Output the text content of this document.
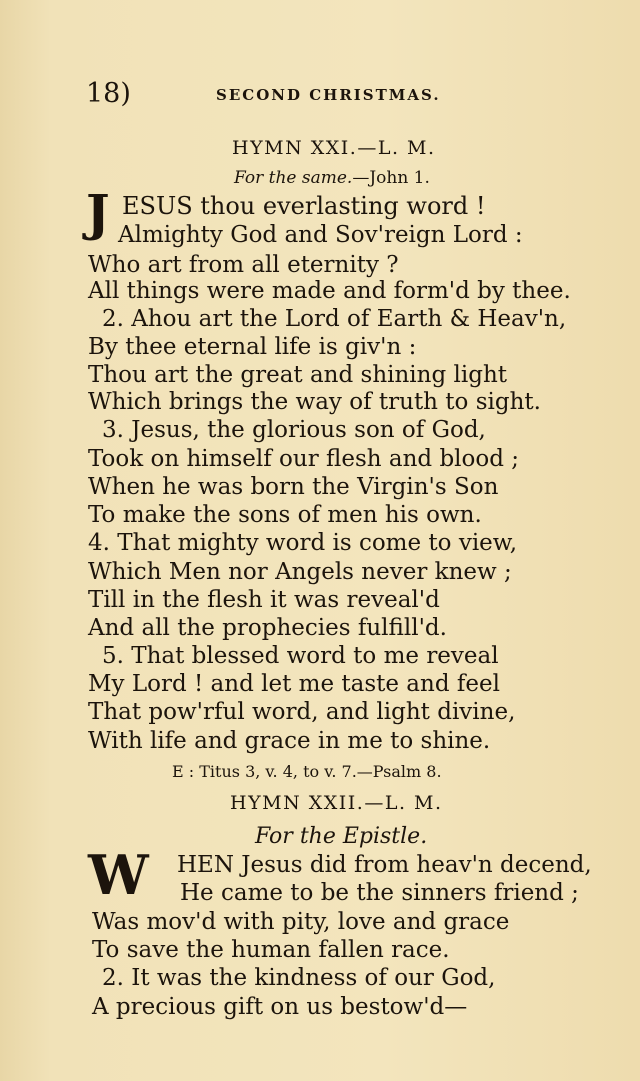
18)	SECOND CHRISTMAS.
HYMN XXI.—L. M.
For the same.—John 1.
J ESUS thou everlasting word !
Almighty God and Sov'reign Lord :
Who art from all eternity ?
All things were made and form'd by thee.
2. Ahou art the Lord of Earth & Heav'n,
By thee eternal life is giv'n :
Thou art the great and shining light
Which brings the way of truth to sight.
3. Jesus, the glorious son of God,
Took on himself our flesh and blood ;
When he was born the Virgin's Son
To make the sons of men his own.
4. That mighty word is come to view,
Which Men nor Angels never knew ;
Till in the flesh it was reveal'd
And all the prophecies fulfill'd.
5. That blessed word to me reveal
My Lord ! and let me taste and feel
That pow'rful word, and light divine,
With life and grace in me to shine.
E : Titus 3, v. 4, to v. 7.—Psalm 8.
HYMN XXII.—L. M.
For the Epistle.
W HEN Jesus did from heav'n decend,
He came to be the sinners friend ;
Was mov'd with pity, love and grace
To save the human fallen race.
2. It was the kindness of our God,
A precious gift on us bestow'd—
